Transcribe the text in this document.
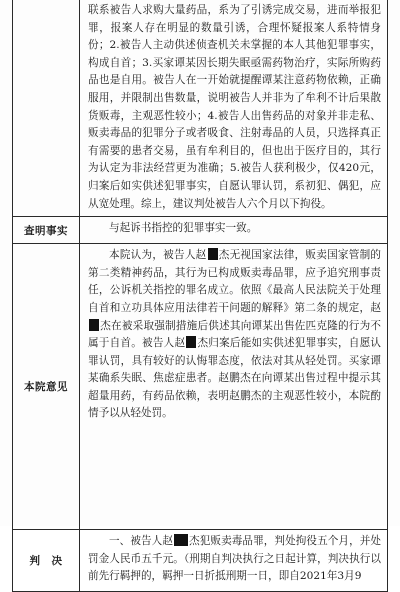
	联系被告人求购大量药品，系为了引诱完成交易，进而举报犯罪，报案人存在明显的数量引诱，合理怀疑报案人系特情身份；2.被告人主动供述侦查机关未掌握的本人其他犯罪事实，构成自首；3.买家谭某因长期失眠亟需药物治疗，实际所购药品也是自用。被告人在一开始就提醒谭某注意药物依赖，正确服用，并限制出售数量，说明被告人并非为了牟利不计后果散货贩毒，主观恶性较小；4.被告人出售药品的对象并非走私、贩卖毒品的犯罪分子或者吸食、注射毒品的人员，只选择真正有需要的患者交易，虽有牟利目的，但也出于医疗目的，其行为认定为非法经营更为准确；5.被告人获利极少，仅420元，归案后如实供述犯罪事实，自愿认罪认罚，系初犯、偶犯，应从宽处理。综上，建议判处被告人六个月以下拘役。

查明事实	与起诉书指控的犯罪事实一致。

本院意见	本院认为，被告人赵 杰无视国家法律，贩卖国家管制的第二类精神药品，其行为已构成贩卖毒品罪，应予追究刑事责任，公诉机关指控的罪名成立。依照《最高人民法院关于处理自首和立功具体应用法律若干问题的解释》第二条的规定，赵杰在被采取强制措施后供述其向谭某出售佐匹克隆的行为不属于自首。被告人赵 杰归案后能如实供述犯罪事实，自愿认罪认罚，具有较好的认悔罪态度，依法对其从轻处罚。买家谭某确系失眠、焦虑症患者。赵鹏杰在向谭某出售过程中提示其超量用药，有药品依赖，表明赵鹏杰的主观恶性较小，本院酌情予以从轻处罚。

判　决	一、被告人赵 杰犯贩卖毒品罪，判处拘役五个月，并处罚金人民币五千元。（刑期自判决执行之日起计算，判决执行以前先行羁押的，羁押一日折抵刑期一日，即自2021年3月9
